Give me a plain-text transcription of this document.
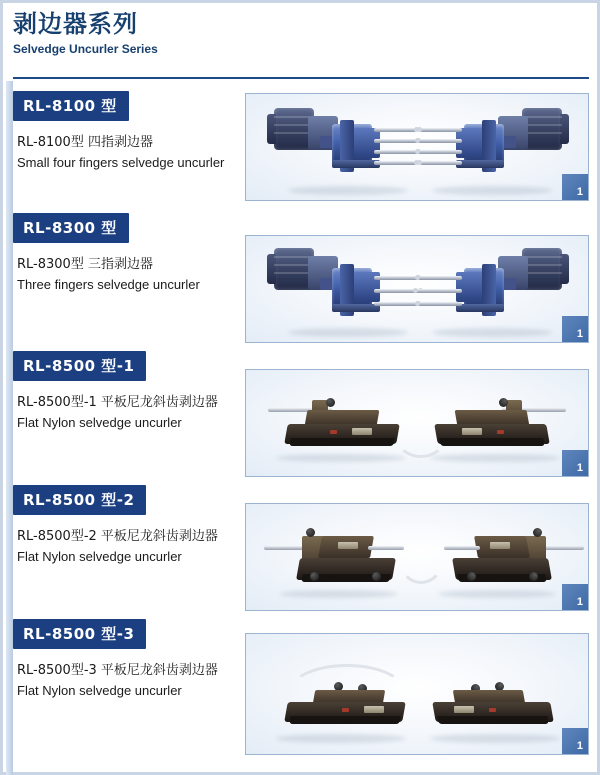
剥边器系列
Selvedge Uncurler Series
RL-8100 型
RL-8100型 四指剥边器
Small four fingers selvedge uncurler
1
RL-8300 型
RL-8300型 三指剥边器
Three fingers selvedge uncurler
1
RL-8500 型-1
RL-8500型-1 平板尼龙斜齿剥边器
Flat Nylon selvedge uncurler
1
RL-8500 型-2
RL-8500型-2 平板尼龙斜齿剥边器
Flat Nylon selvedge uncurler
1
RL-8500 型-3
RL-8500型-3 平板尼龙斜齿剥边器
Flat Nylon selvedge uncurler
1
